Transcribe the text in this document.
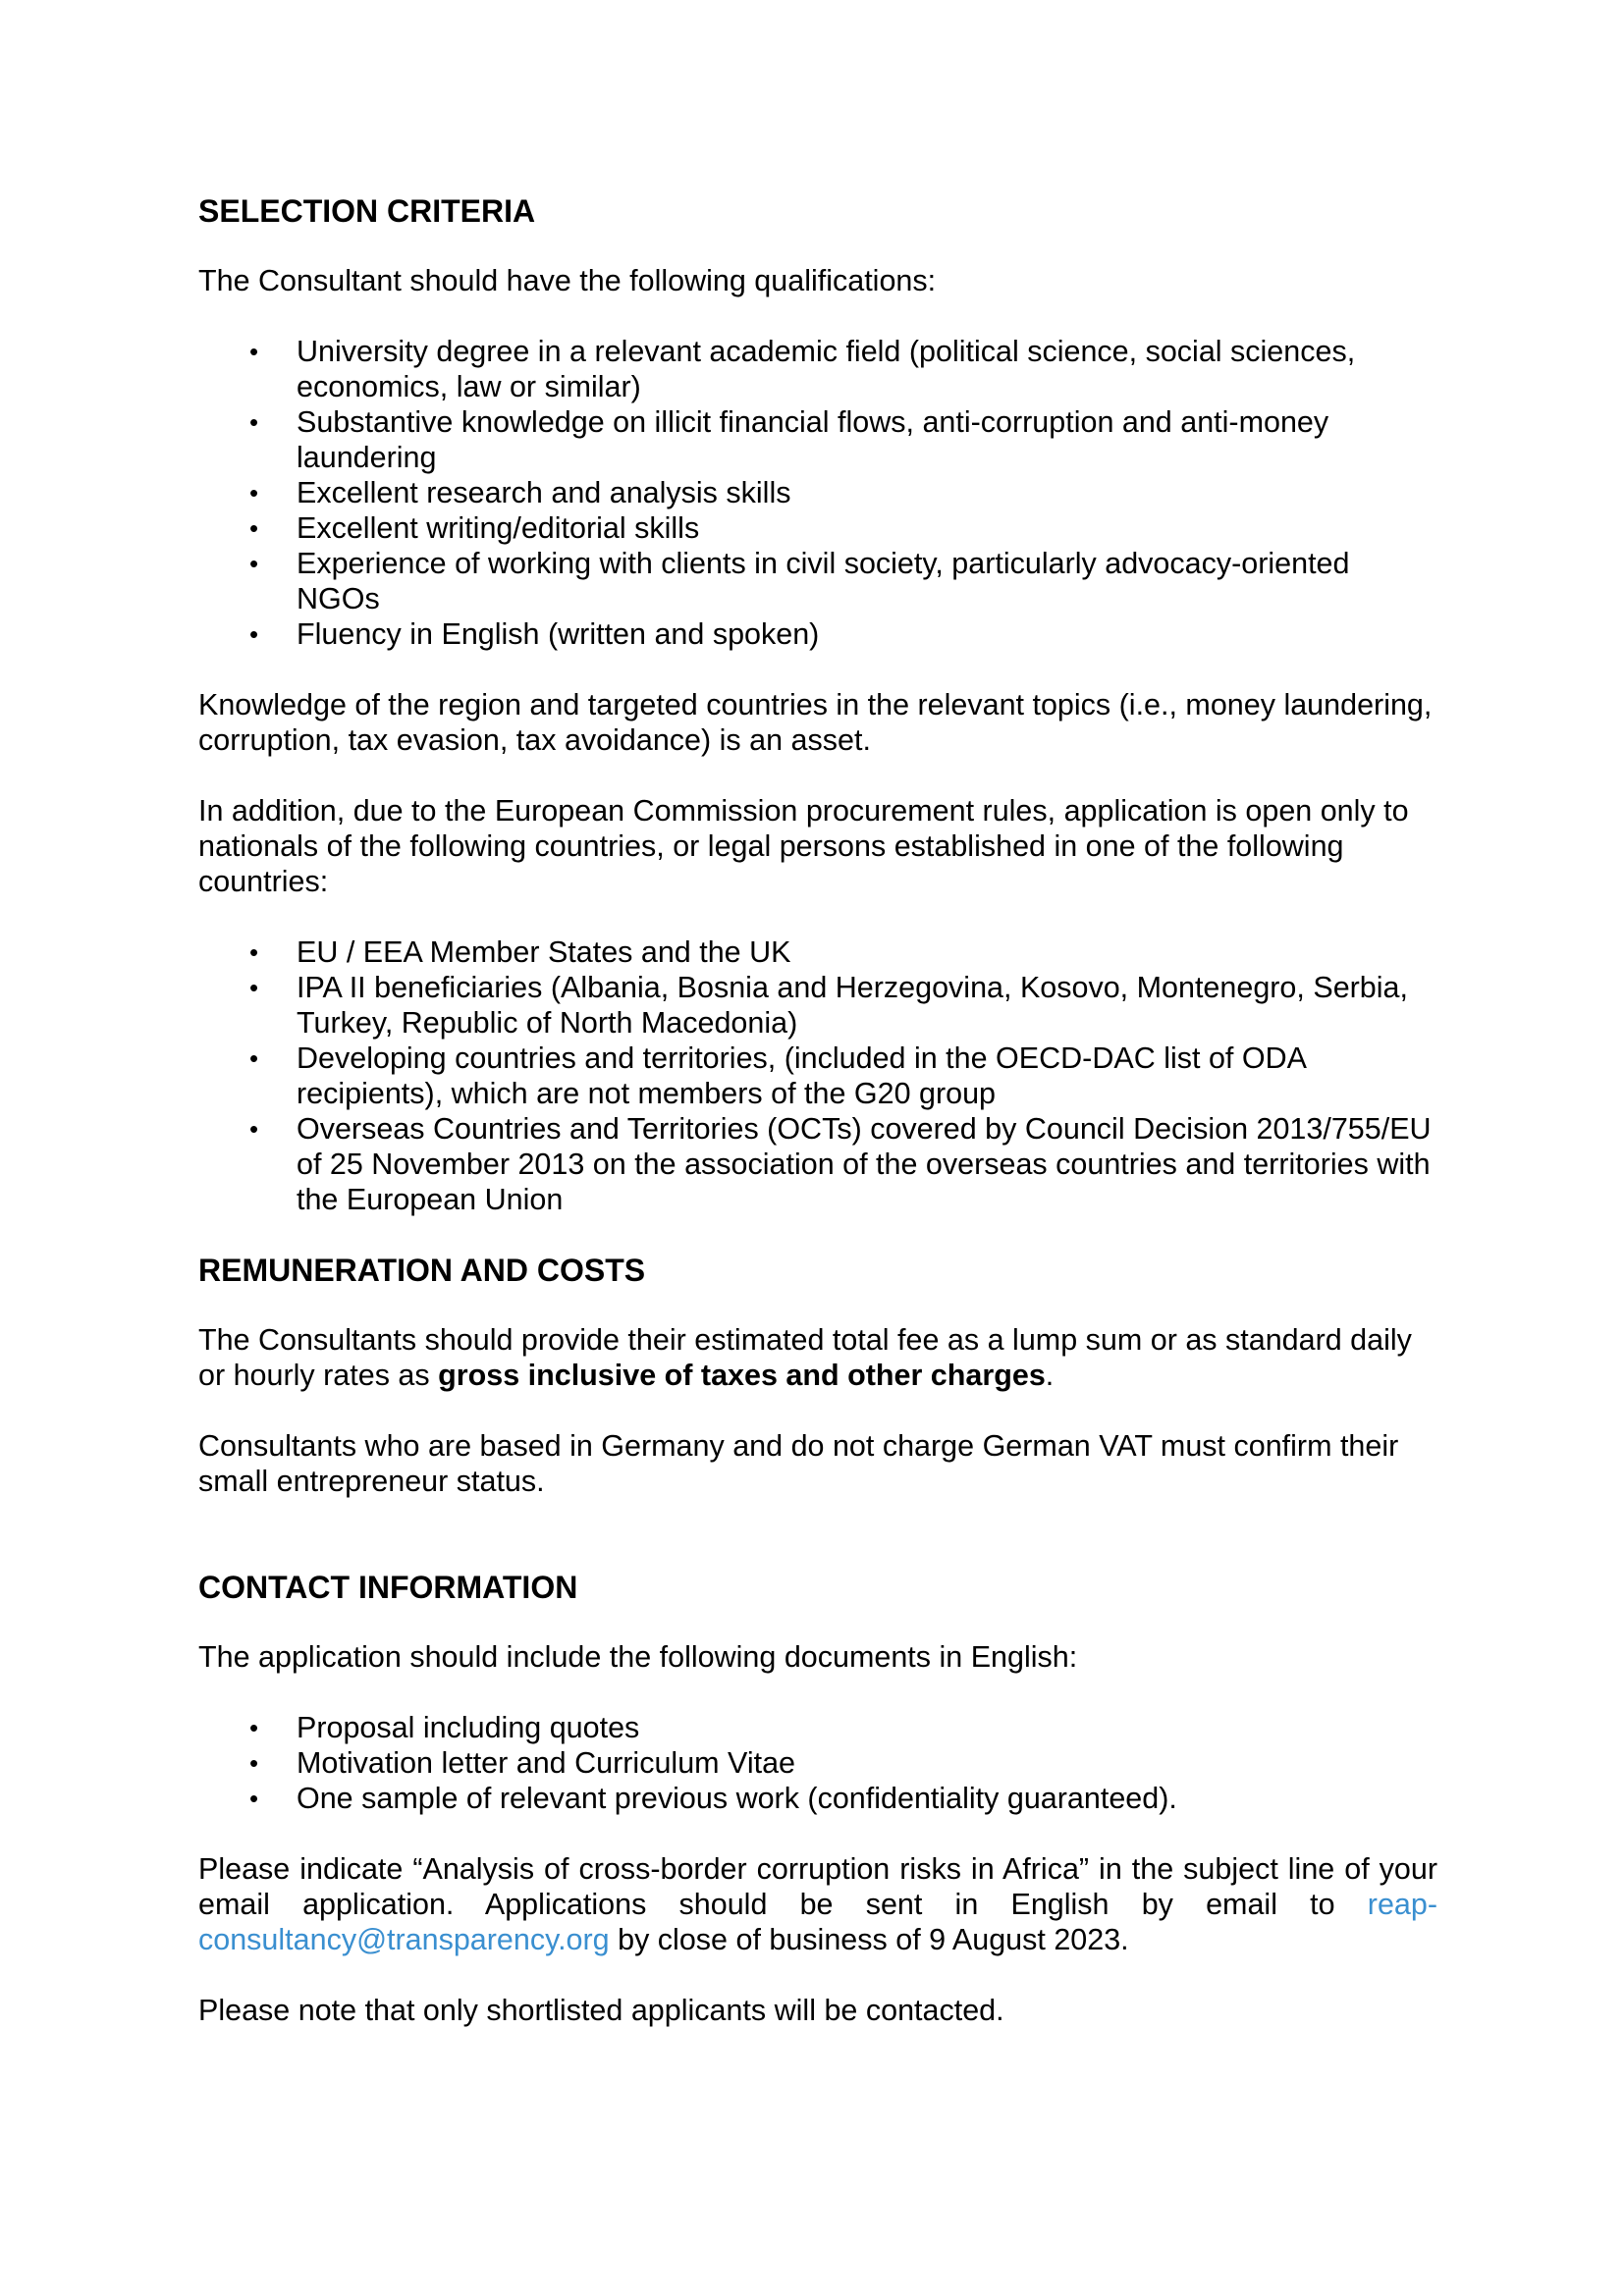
SELECTION CRITERIA

The Consultant should have the following qualifications:

• University degree in a relevant academic field (political science, social sciences, economics, law or similar)
• Substantive knowledge on illicit financial flows, anti-corruption and anti-money laundering
• Excellent research and analysis skills
• Excellent writing/editorial skills
• Experience of working with clients in civil society, particularly advocacy-oriented NGOs
• Fluency in English (written and spoken)

Knowledge of the region and targeted countries in the relevant topics (i.e., money laundering, corruption, tax evasion, tax avoidance) is an asset.

In addition, due to the European Commission procurement rules, application is open only to nationals of the following countries, or legal persons established in one of the following countries:

• EU / EEA Member States and the UK
• IPA II beneficiaries (Albania, Bosnia and Herzegovina, Kosovo, Montenegro, Serbia, Turkey, Republic of North Macedonia)
• Developing countries and territories, (included in the OECD-DAC list of ODA recipients), which are not members of the G20 group
• Overseas Countries and Territories (OCTs) covered by Council Decision 2013/755/EU of 25 November 2013 on the association of the overseas countries and territories with the European Union
REMUNERATION AND COSTS

The Consultants should provide their estimated total fee as a lump sum or as standard daily or hourly rates as gross inclusive of taxes and other charges.

Consultants who are based in Germany and do not charge German VAT must confirm their small entrepreneur status.

CONTACT INFORMATION

The application should include the following documents in English:

• Proposal including quotes
• Motivation letter and Curriculum Vitae
• One sample of relevant previous work (confidentiality guaranteed).

Please indicate “Analysis of cross-border corruption risks in Africa” in the subject line of your email application. Applications should be sent in English by email to reap-consultancy@transparency.org by close of business of 9 August 2023.

Please note that only shortlisted applicants will be contacted.
